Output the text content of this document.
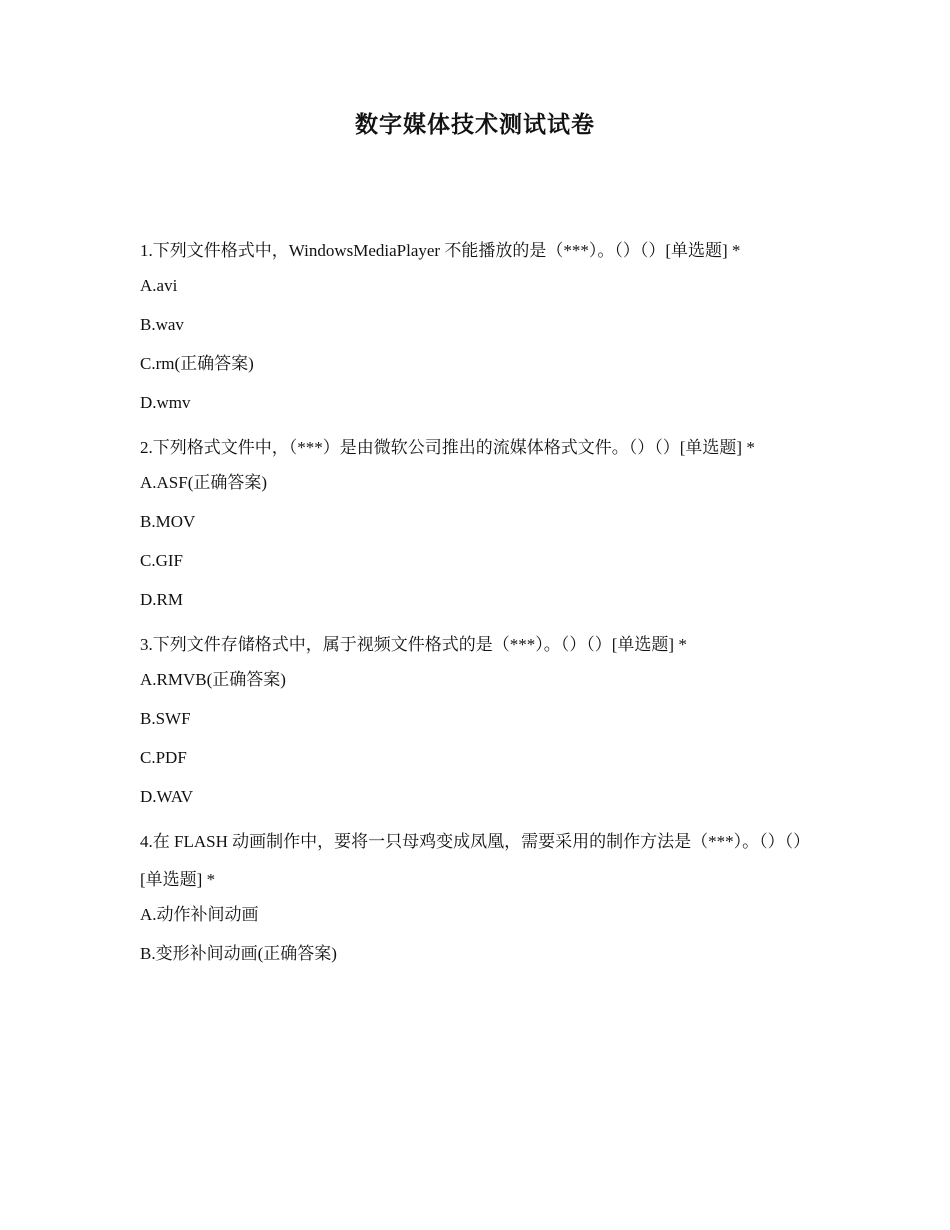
数字媒体技术测试试卷
1.下列文件格式中，WindowsMediaPlayer 不能播放的是（***）。（）（）[单选题] *
A.avi
B.wav
C.rm(正确答案)
D.wmv
2.下列格式文件中，（***）是由微软公司推出的流媒体格式文件。（）（）[单选题] *
A.ASF(正确答案)
B.MOV
C.GIF
D.RM
3.下列文件存储格式中，属于视频文件格式的是（***）。（）（）[单选题] *
A.RMVB(正确答案)
B.SWF
C.PDF
D.WAV
4.在 FLASH 动画制作中，要将一只母鸡变成凤凰，需要采用的制作方法是（***）。（）（）[单选题] *
A.动作补间动画
B.变形补间动画(正确答案)
